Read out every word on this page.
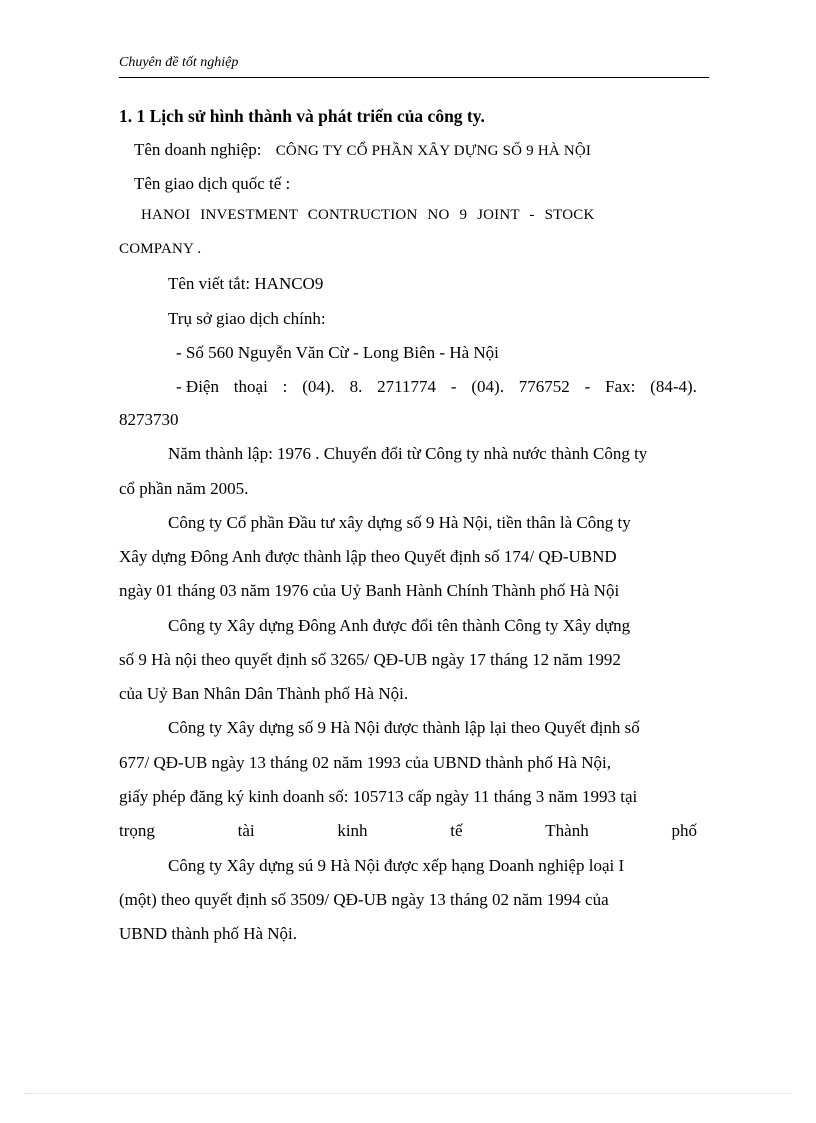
Chuyên đề tốt nghiệp
1. 1 Lịch sử hình thành và phát triển của công ty.
Tên doanh nghiệp: CÔNG TY CỔ PHẦN XÂY DỰNG SỐ 9 HÀ NỘI
Tên giao dịch quốc tế :
HANOI INVESTMENT CONTRUCTION NO 9 JOINT - STOCK
COMPANY .
Tên viết tắt: HANCO9
Trụ sở giao dịch chính:
- Số 560 Nguyễn Văn Cừ - Long Biên - Hà Nội
- Điện thoại : (04). 8. 2711774 - (04). 776752 - Fax: (84-4).
8273730
Năm thành lập: 1976 . Chuyển đổi từ Công ty nhà nước thành Công ty
cổ phần năm 2005.
Công ty Cổ phần Đầu tư xây dựng số 9 Hà Nội, tiền thân là Công ty
Xây dựng Đông Anh được thành lập theo Quyết định số 174/ QĐ-UBND
ngày 01 tháng 03 năm 1976 của Uỷ Banh Hành Chính Thành phố Hà Nội
Công ty Xây dựng Đông Anh được đổi tên thành Công ty Xây dựng
số 9 Hà nội theo quyết định số 3265/ QĐ-UB ngày 17 tháng 12 năm 1992
của Uỷ Ban Nhân Dân Thành phố Hà Nội.
Công ty Xây dựng số 9 Hà Nội được thành lập lại theo Quyết định số
677/ QĐ-UB ngày 13 tháng 02 năm 1993 của UBND thành phố Hà Nội,
giấy phép đăng ký kinh doanh số: 105713 cấp ngày 11 tháng 3 năm 1993 tại
trọng	tài	kinh	tế	Thành	phố
Công ty Xây dựng sú 9 Hà Nội được xếp hạng Doanh nghiệp loại I
(một) theo quyết định số 3509/ QĐ-UB ngày 13 tháng 02 năm 1994 của
UBND thành phố Hà Nội.
